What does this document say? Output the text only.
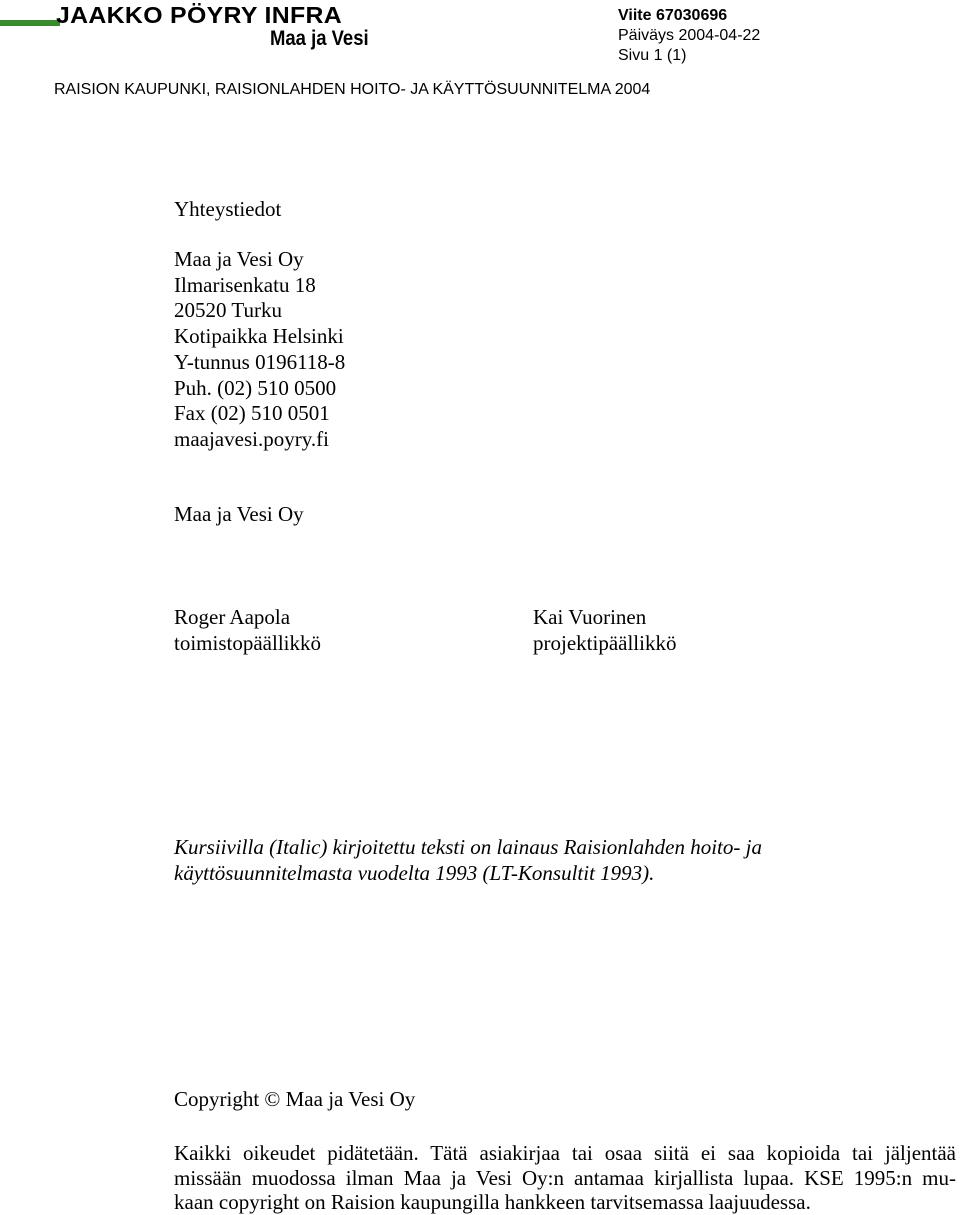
JAAKKO PÖYRY INFRA
Maa ja Vesi
Viite 67030696
Päiväys 2004-04-22
Sivu 1 (1)
RAISION KAUPUNKI, RAISIONLAHDEN HOITO- JA KÄYTTÖSUUNNITELMA 2004
Yhteystiedot
Maa ja Vesi Oy
Ilmarisenkatu 18
20520 Turku
Kotipaikka Helsinki
Y-tunnus 0196118-8
Puh. (02) 510 0500
Fax (02) 510 0501
maajavesi.poyry.fi
Maa ja Vesi Oy
Roger Aapola
toimistopäällikkö
Kai Vuorinen
projektipäällikkö
Kursiivilla (Italic) kirjoitettu teksti on lainaus Raisionlahden hoito- ja
käyttösuunnitelmasta vuodelta 1993 (LT-Konsultit 1993).
Copyright © Maa ja Vesi Oy
Kaikki oikeudet pidätetään. Tätä asiakirjaa tai osaa siitä ei saa kopioida tai jäljentää
missään muodossa ilman Maa ja Vesi Oy:n antamaa kirjallista lupaa. KSE 1995:n mu-
kaan copyright on Raision kaupungilla hankkeen tarvitsemassa laajuudessa.
